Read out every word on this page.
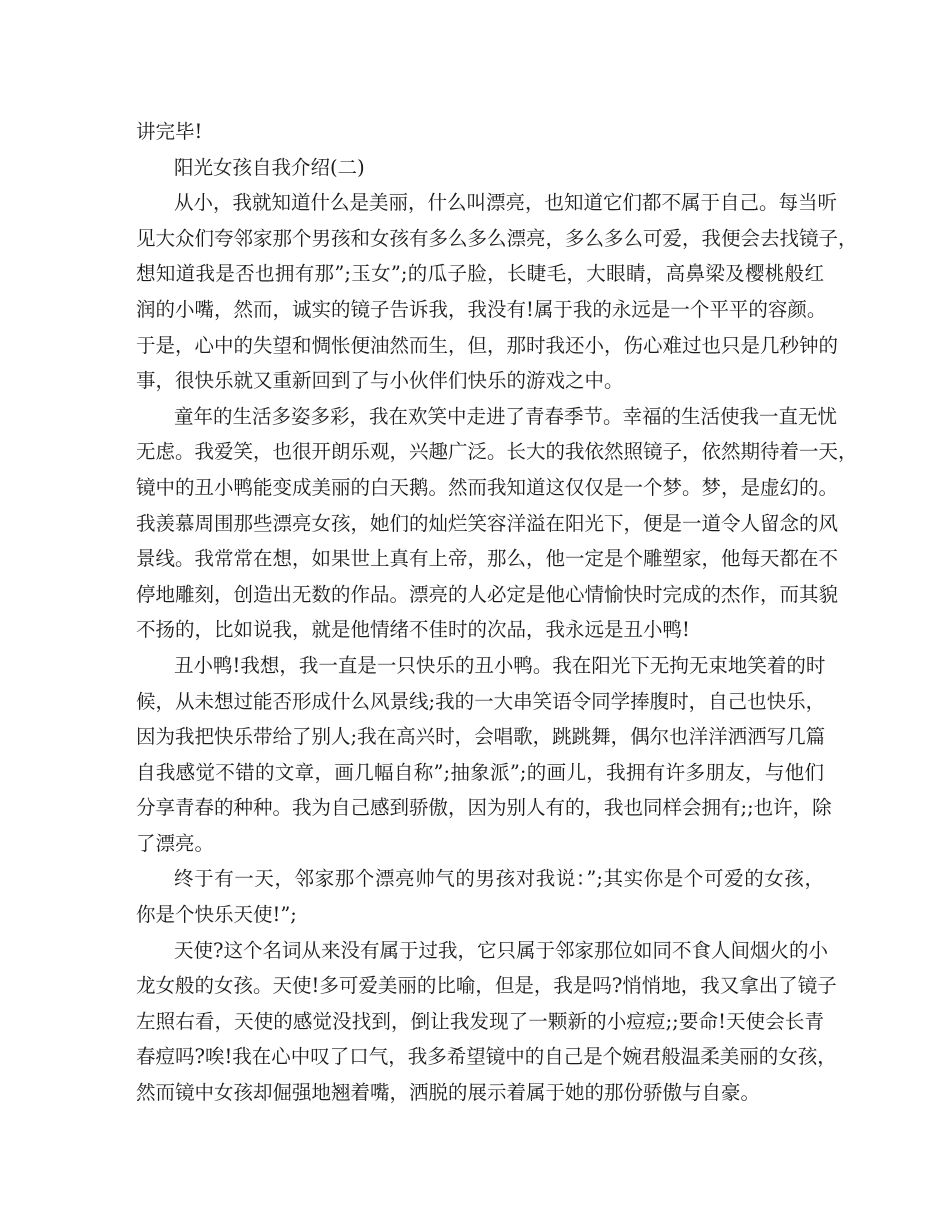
讲完毕!
阳光女孩自我介绍(二)
从小，我就知道什么是美丽，什么叫漂亮，也知道它们都不属于自己。每当听
见大众们夸邻家那个男孩和女孩有多么多么漂亮，多么多么可爱，我便会去找镜子，
想知道我是否也拥有那”;玉女”;的瓜子脸，长睫毛，大眼睛，高鼻梁及樱桃般红
润的小嘴，然而，诚实的镜子告诉我，我没有!属于我的永远是一个平平的容颜。
于是，心中的失望和惆怅便油然而生，但，那时我还小，伤心难过也只是几秒钟的
事，很快乐就又重新回到了与小伙伴们快乐的游戏之中。
童年的生活多姿多彩，我在欢笑中走进了青春季节。幸福的生活使我一直无忧
无虑。我爱笑，也很开朗乐观，兴趣广泛。长大的我依然照镜子，依然期待着一天，
镜中的丑小鸭能变成美丽的白天鹅。然而我知道这仅仅是一个梦。梦，是虚幻的。
我羡慕周围那些漂亮女孩，她们的灿烂笑容洋溢在阳光下，便是一道令人留念的风
景线。我常常在想，如果世上真有上帝，那么，他一定是个雕塑家，他每天都在不
停地雕刻，创造出无数的作品。漂亮的人必定是他心情愉快时完成的杰作，而其貌
不扬的，比如说我，就是他情绪不佳时的次品，我永远是丑小鸭!
丑小鸭!我想，我一直是一只快乐的丑小鸭。我在阳光下无拘无束地笑着的时
候，从未想过能否形成什么风景线;我的一大串笑语令同学捧腹时，自己也快乐，
因为我把快乐带给了别人;我在高兴时，会唱歌，跳跳舞，偶尔也洋洋洒洒写几篇
自我感觉不错的文章，画几幅自称”;抽象派”;的画儿，我拥有许多朋友，与他们
分享青春的种种。我为自己感到骄傲，因为别人有的，我也同样会拥有;;也许，除
了漂亮。
终于有一天，邻家那个漂亮帅气的男孩对我说：”;其实你是个可爱的女孩，
你是个快乐天使!”;
天使?这个名词从来没有属于过我，它只属于邻家那位如同不食人间烟火的小
龙女般的女孩。天使!多可爱美丽的比喻，但是，我是吗?悄悄地，我又拿出了镜子
左照右看，天使的感觉没找到，倒让我发现了一颗新的小痘痘;;要命!天使会长青
春痘吗?唉!我在心中叹了口气，我多希望镜中的自己是个婉君般温柔美丽的女孩，
然而镜中女孩却倔强地翘着嘴，洒脱的展示着属于她的那份骄傲与自豪。
